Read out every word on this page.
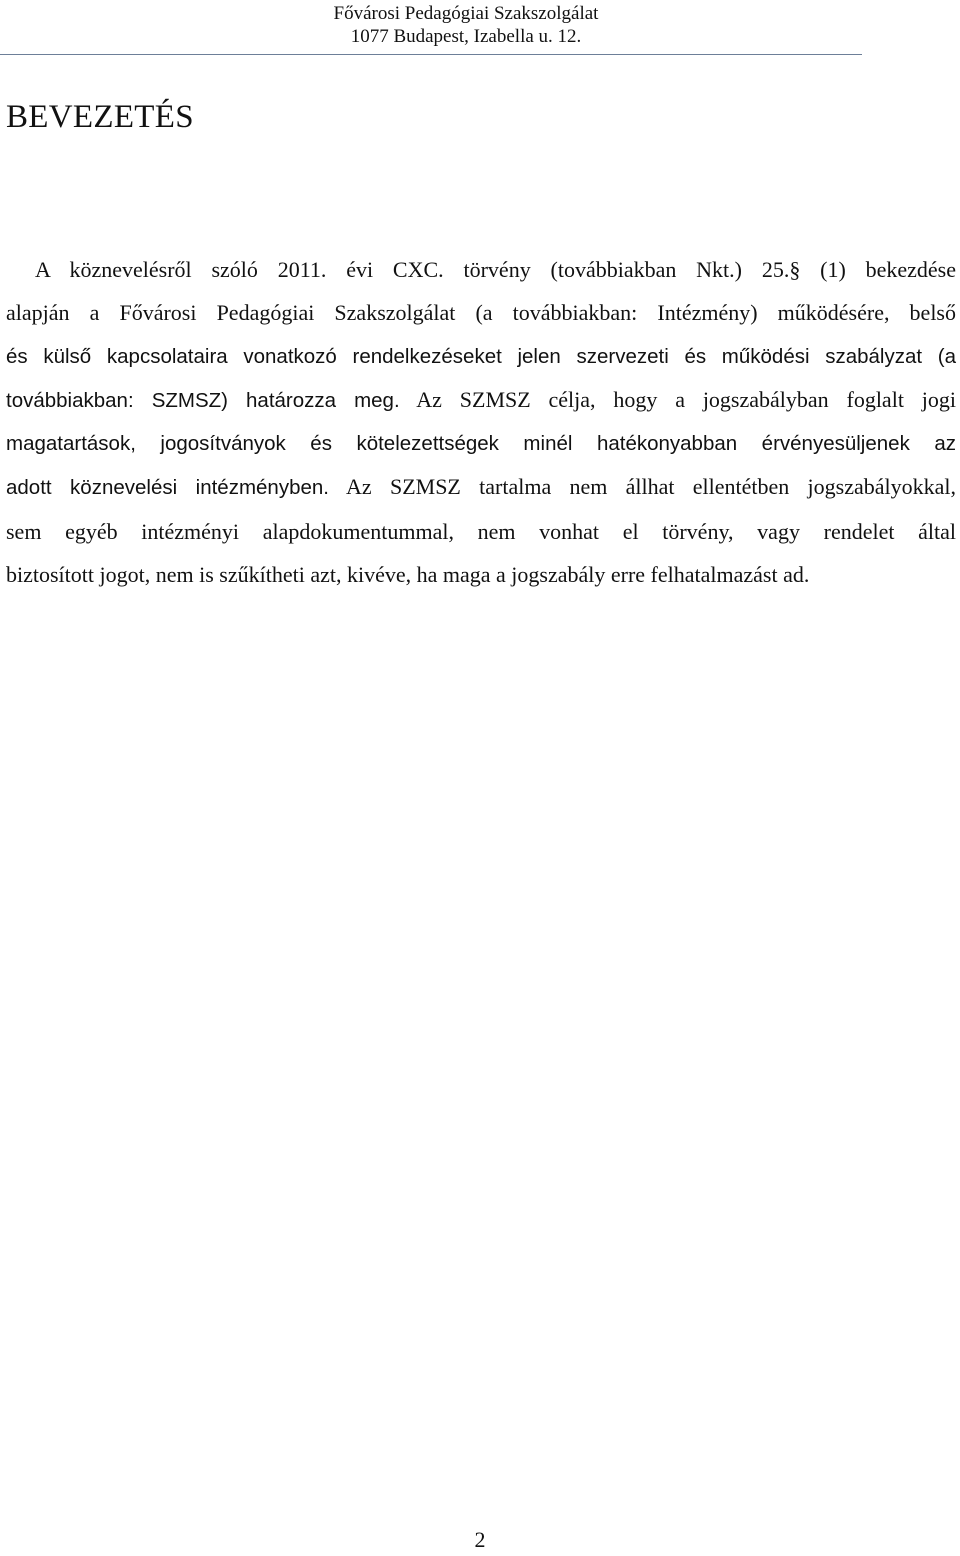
Fővárosi Pedagógiai Szakszolgálat
1077 Budapest, Izabella u. 12.
BEVEZETÉS
A köznevelésről szóló 2011. évi CXC. törvény (továbbiakban Nkt.) 25.§ (1) bekezdése
alapján a Fővárosi Pedagógiai Szakszolgálat (a továbbiakban: Intézmény) működésére, belső
és külső kapcsolataira vonatkozó rendelkezéseket jelen szervezeti és működési szabályzat (a
továbbiakban: SZMSZ) határozza meg. Az SZMSZ célja, hogy a jogszabályban foglalt jogi
magatartások, jogosítványok és kötelezettségek minél hatékonyabban érvényesüljenek az
adott köznevelési intézményben. Az SZMSZ tartalma nem állhat ellentétben jogszabályokkal,
sem egyéb intézményi alapdokumentummal, nem vonhat el törvény, vagy rendelet által
biztosított jogot, nem is szűkítheti azt, kivéve, ha maga a jogszabály erre felhatalmazást ad.
2
